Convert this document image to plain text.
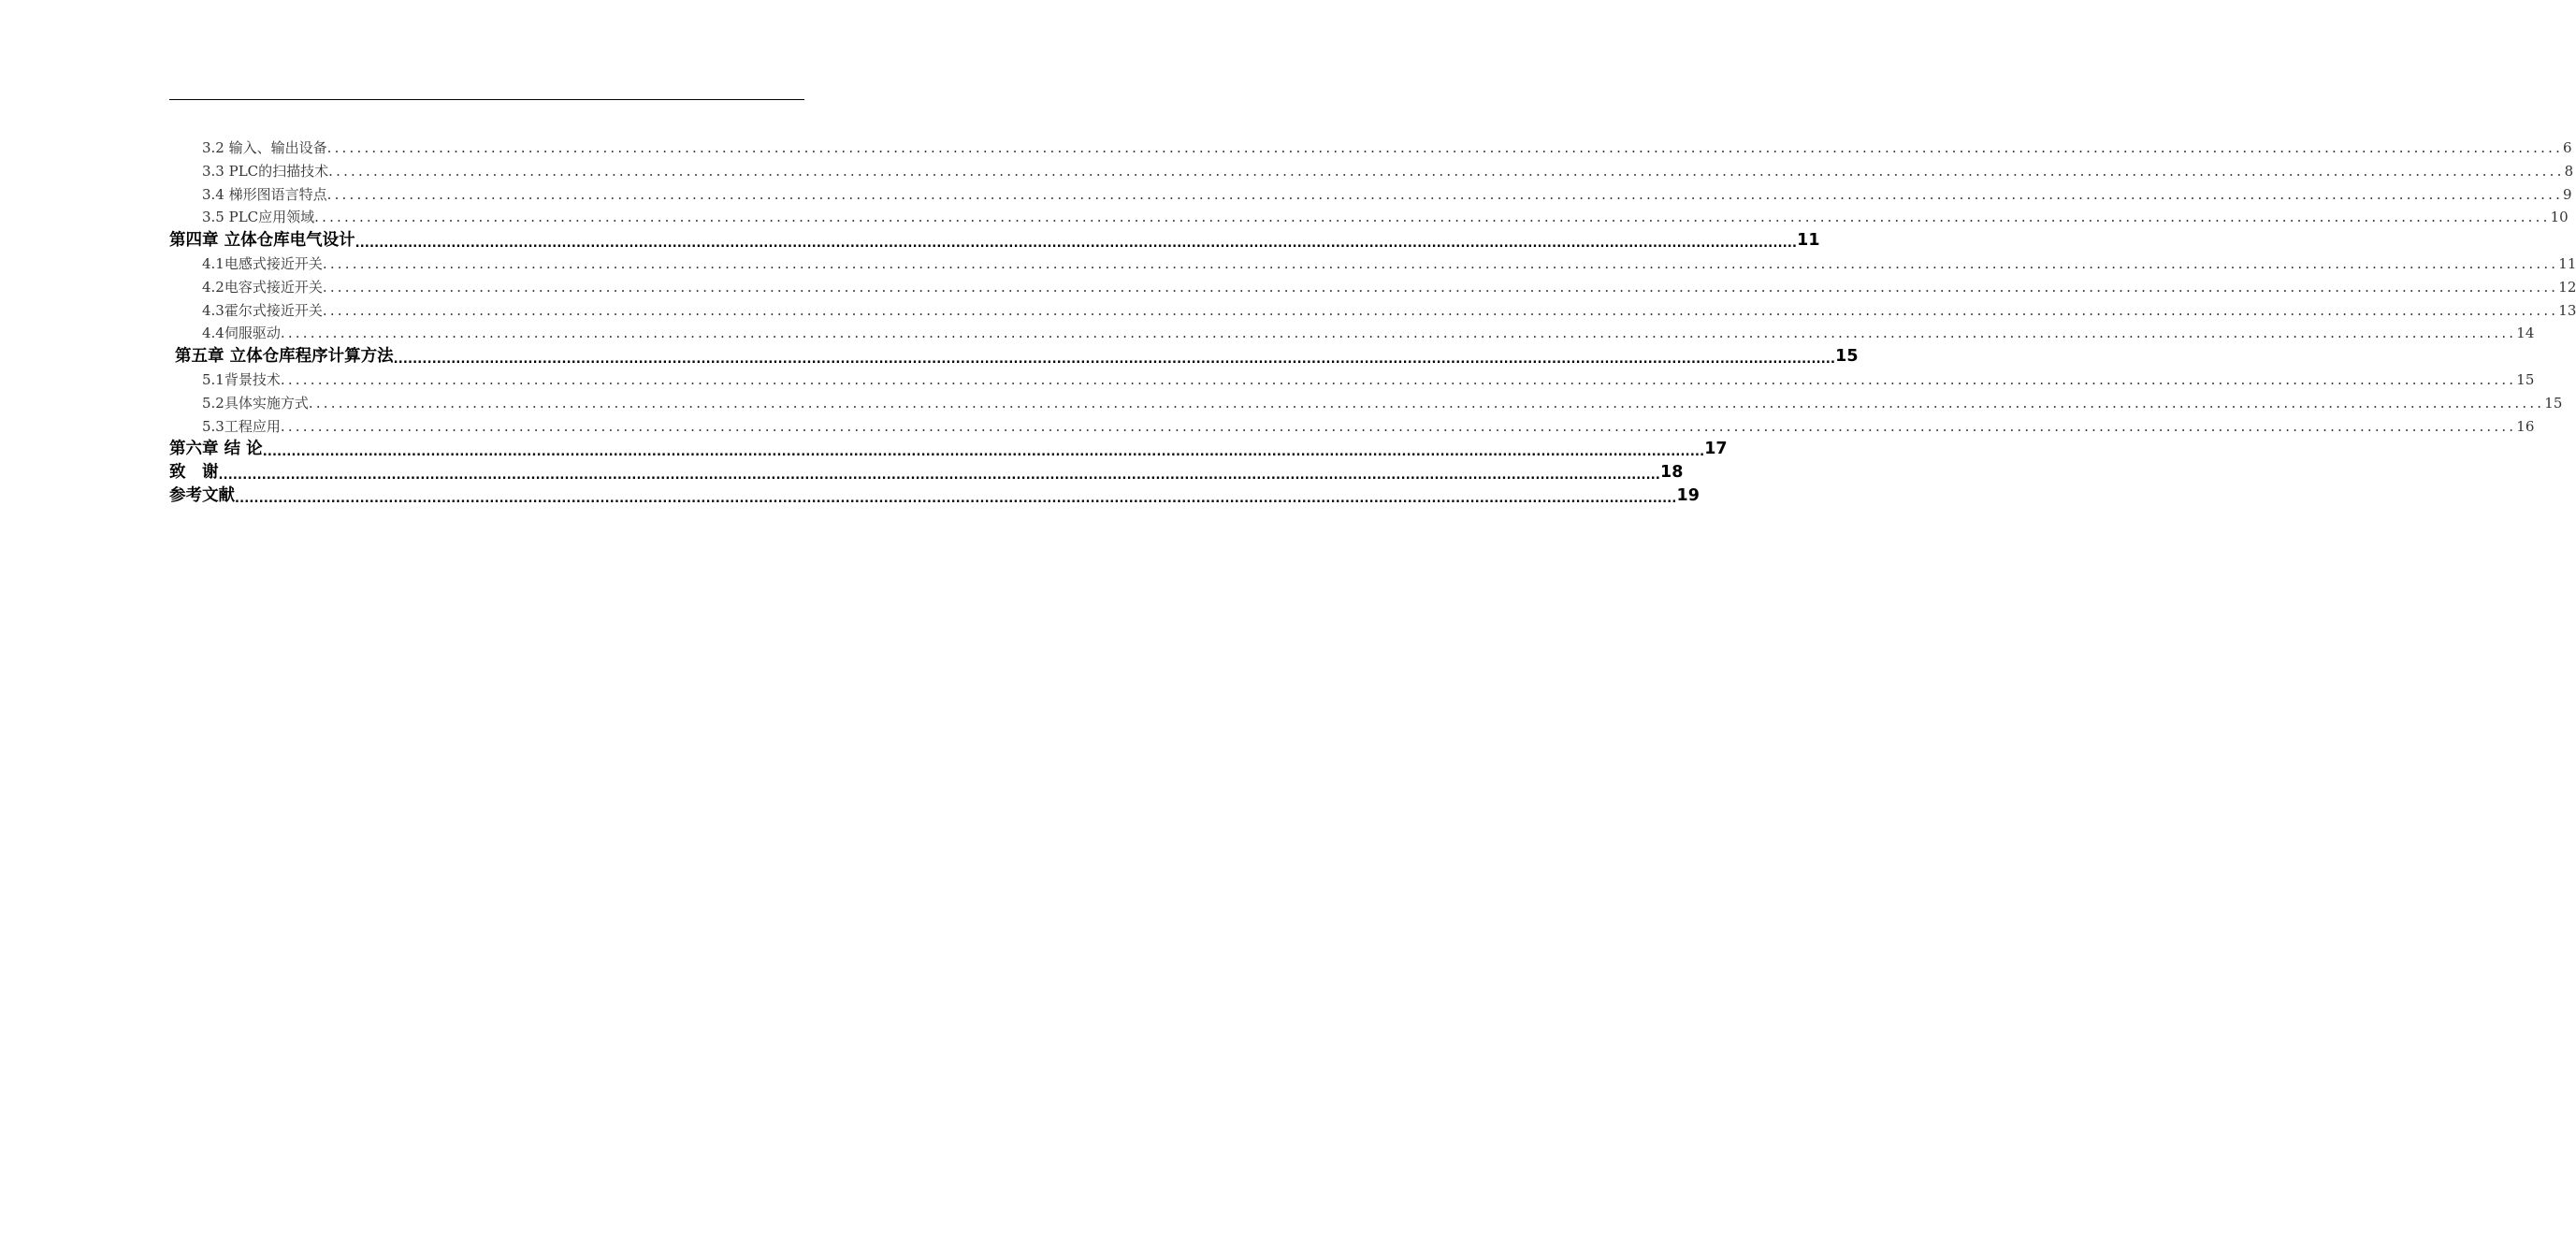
3.2 输入、输出设备 ............................................................................................................................................................................................................................................................................................................ 6
3.3 PLC的扫描技术 ............................................................................................................................................................................................................................................................................................................ 8
3.4 梯形图语言特点 ............................................................................................................................................................................................................................................................................................................ 9
3.5 PLC应用领域 ............................................................................................................................................................................................................................................................................................................ 10
第四章 立体仓库电气设计 ............................................................................................................................................................................................................................................................................................................ 11
4.1电感式接近开关 ............................................................................................................................................................................................................................................................................................................ 11
4.2电容式接近开关 ............................................................................................................................................................................................................................................................................................................ 12
4.3霍尔式接近开关 ............................................................................................................................................................................................................................................................................................................ 13
4.4伺服驱动 ............................................................................................................................................................................................................................................................................................................ 14
第五章 立体仓库程序计算方法 ............................................................................................................................................................................................................................................................................................................ 15
5.1背景技术 ............................................................................................................................................................................................................................................................................................................ 15
5.2具体实施方式 ............................................................................................................................................................................................................................................................................................................ 15
5.3工程应用 ............................................................................................................................................................................................................................................................................................................ 16
第六章 结 论 ............................................................................................................................................................................................................................................................................................................ 17
致　谢 ............................................................................................................................................................................................................................................................................................................ 18
参考文献 ............................................................................................................................................................................................................................................................................................................ 19
